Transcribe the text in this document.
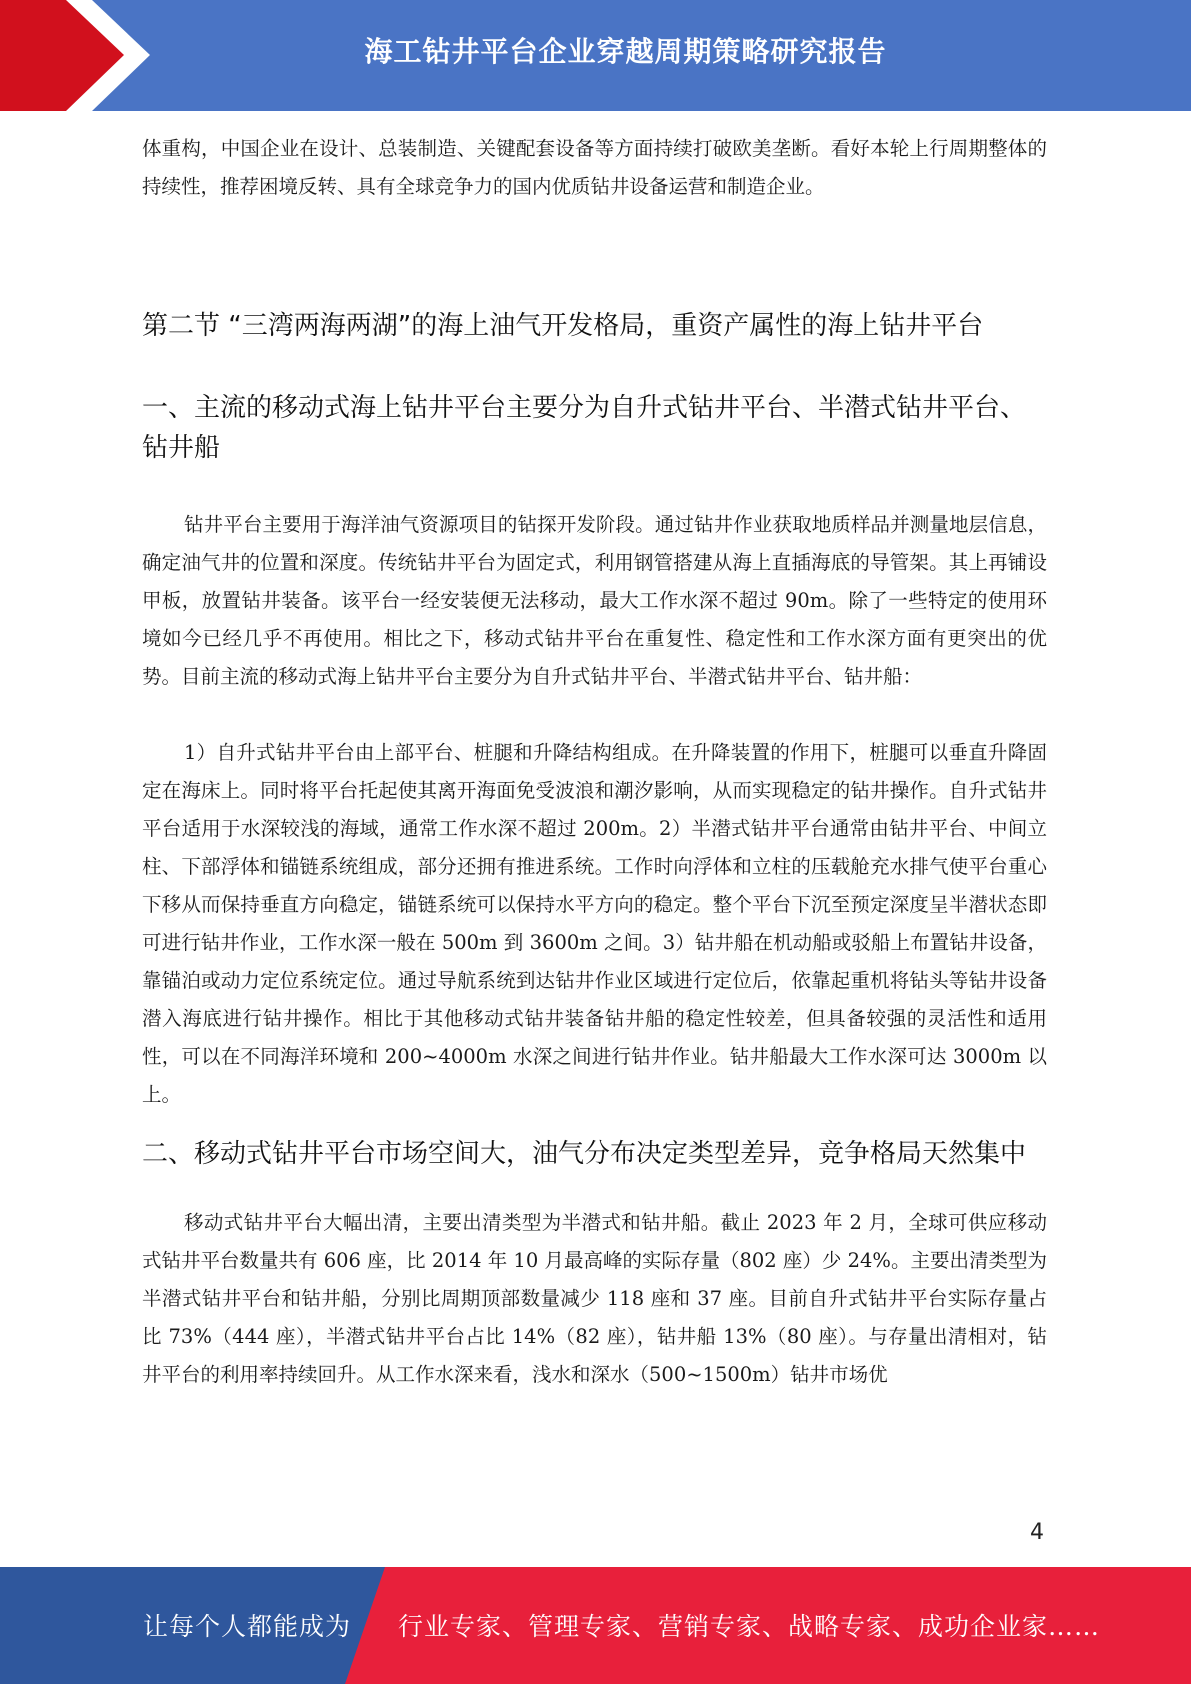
海工钻井平台企业穿越周期策略研究报告

体重构，中国企业在设计、总装制造、关键配套设备等方面持续打破欧美垄断。看好本轮上行周期整体的持续性，推荐困境反转、具有全球竞争力的国内优质钻井设备运营和制造企业。

第二节 “三湾两海两湖”的海上油气开发格局，重资产属性的海上钻井平台
一、主流的移动式海上钻井平台主要分为自升式钻井平台、半潜式钻井平台、钻井船

钻井平台主要用于海洋油气资源项目的钻探开发阶段。通过钻井作业获取地质样品并测量地层信息，确定油气井的位置和深度。传统钻井平台为固定式，利用钢管搭建从海上直插海底的导管架。其上再铺设甲板，放置钻井装备。该平台一经安装便无法移动，最大工作水深不超过 90m。除了一些特定的使用环境如今已经几乎不再使用。相比之下，移动式钻井平台在重复性、稳定性和工作水深方面有更突出的优势。目前主流的移动式海上钻井平台主要分为自升式钻井平台、半潜式钻井平台、钻井船：

1）自升式钻井平台由上部平台、桩腿和升降结构组成。在升降装置的作用下，桩腿可以垂直升降固定在海床上。同时将平台托起使其离开海面免受波浪和潮汐影响，从而实现稳定的钻井操作。自升式钻井平台适用于水深较浅的海域，通常工作水深不超过 200m。2）半潜式钻井平台通常由钻井平台、中间立柱、下部浮体和锚链系统组成，部分还拥有推进系统。工作时向浮体和立柱的压载舱充水排气使平台重心下移从而保持垂直方向稳定，锚链系统可以保持水平方向的稳定。整个平台下沉至预定深度呈半潜状态即可进行钻井作业，工作水深一般在 500m 到 3600m 之间。3）钻井船在机动船或驳船上布置钻井设备，靠锚泊或动力定位系统定位。通过导航系统到达钻井作业区域进行定位后，依靠起重机将钻头等钻井设备潜入海底进行钻井操作。相比于其他移动式钻井装备钻井船的稳定性较差，但具备较强的灵活性和适用性，可以在不同海洋环境和 200~4000m 水深之间进行钻井作业。钻井船最大工作水深可达 3000m 以上。

二、移动式钻井平台市场空间大，油气分布决定类型差异，竞争格局天然集中

移动式钻井平台大幅出清，主要出清类型为半潜式和钻井船。截止 2023 年 2 月，全球可供应移动式钻井平台数量共有 606 座，比 2014 年 10 月最高峰的实际存量（802 座）少 24%。主要出清类型为半潜式钻井平台和钻井船，分别比周期顶部数量减少 118 座和 37 座。目前自升式钻井平台实际存量占比 73%（444 座），半潜式钻井平台占比 14%（82 座），钻井船 13%（80 座）。与存量出清相对，钻井平台的利用率持续回升。从工作水深来看，浅水和深水（500~1500m）钻井市场优

4
让每个人都能成为 行业专家、管理专家、营销专家、战略专家、成功企业家……
